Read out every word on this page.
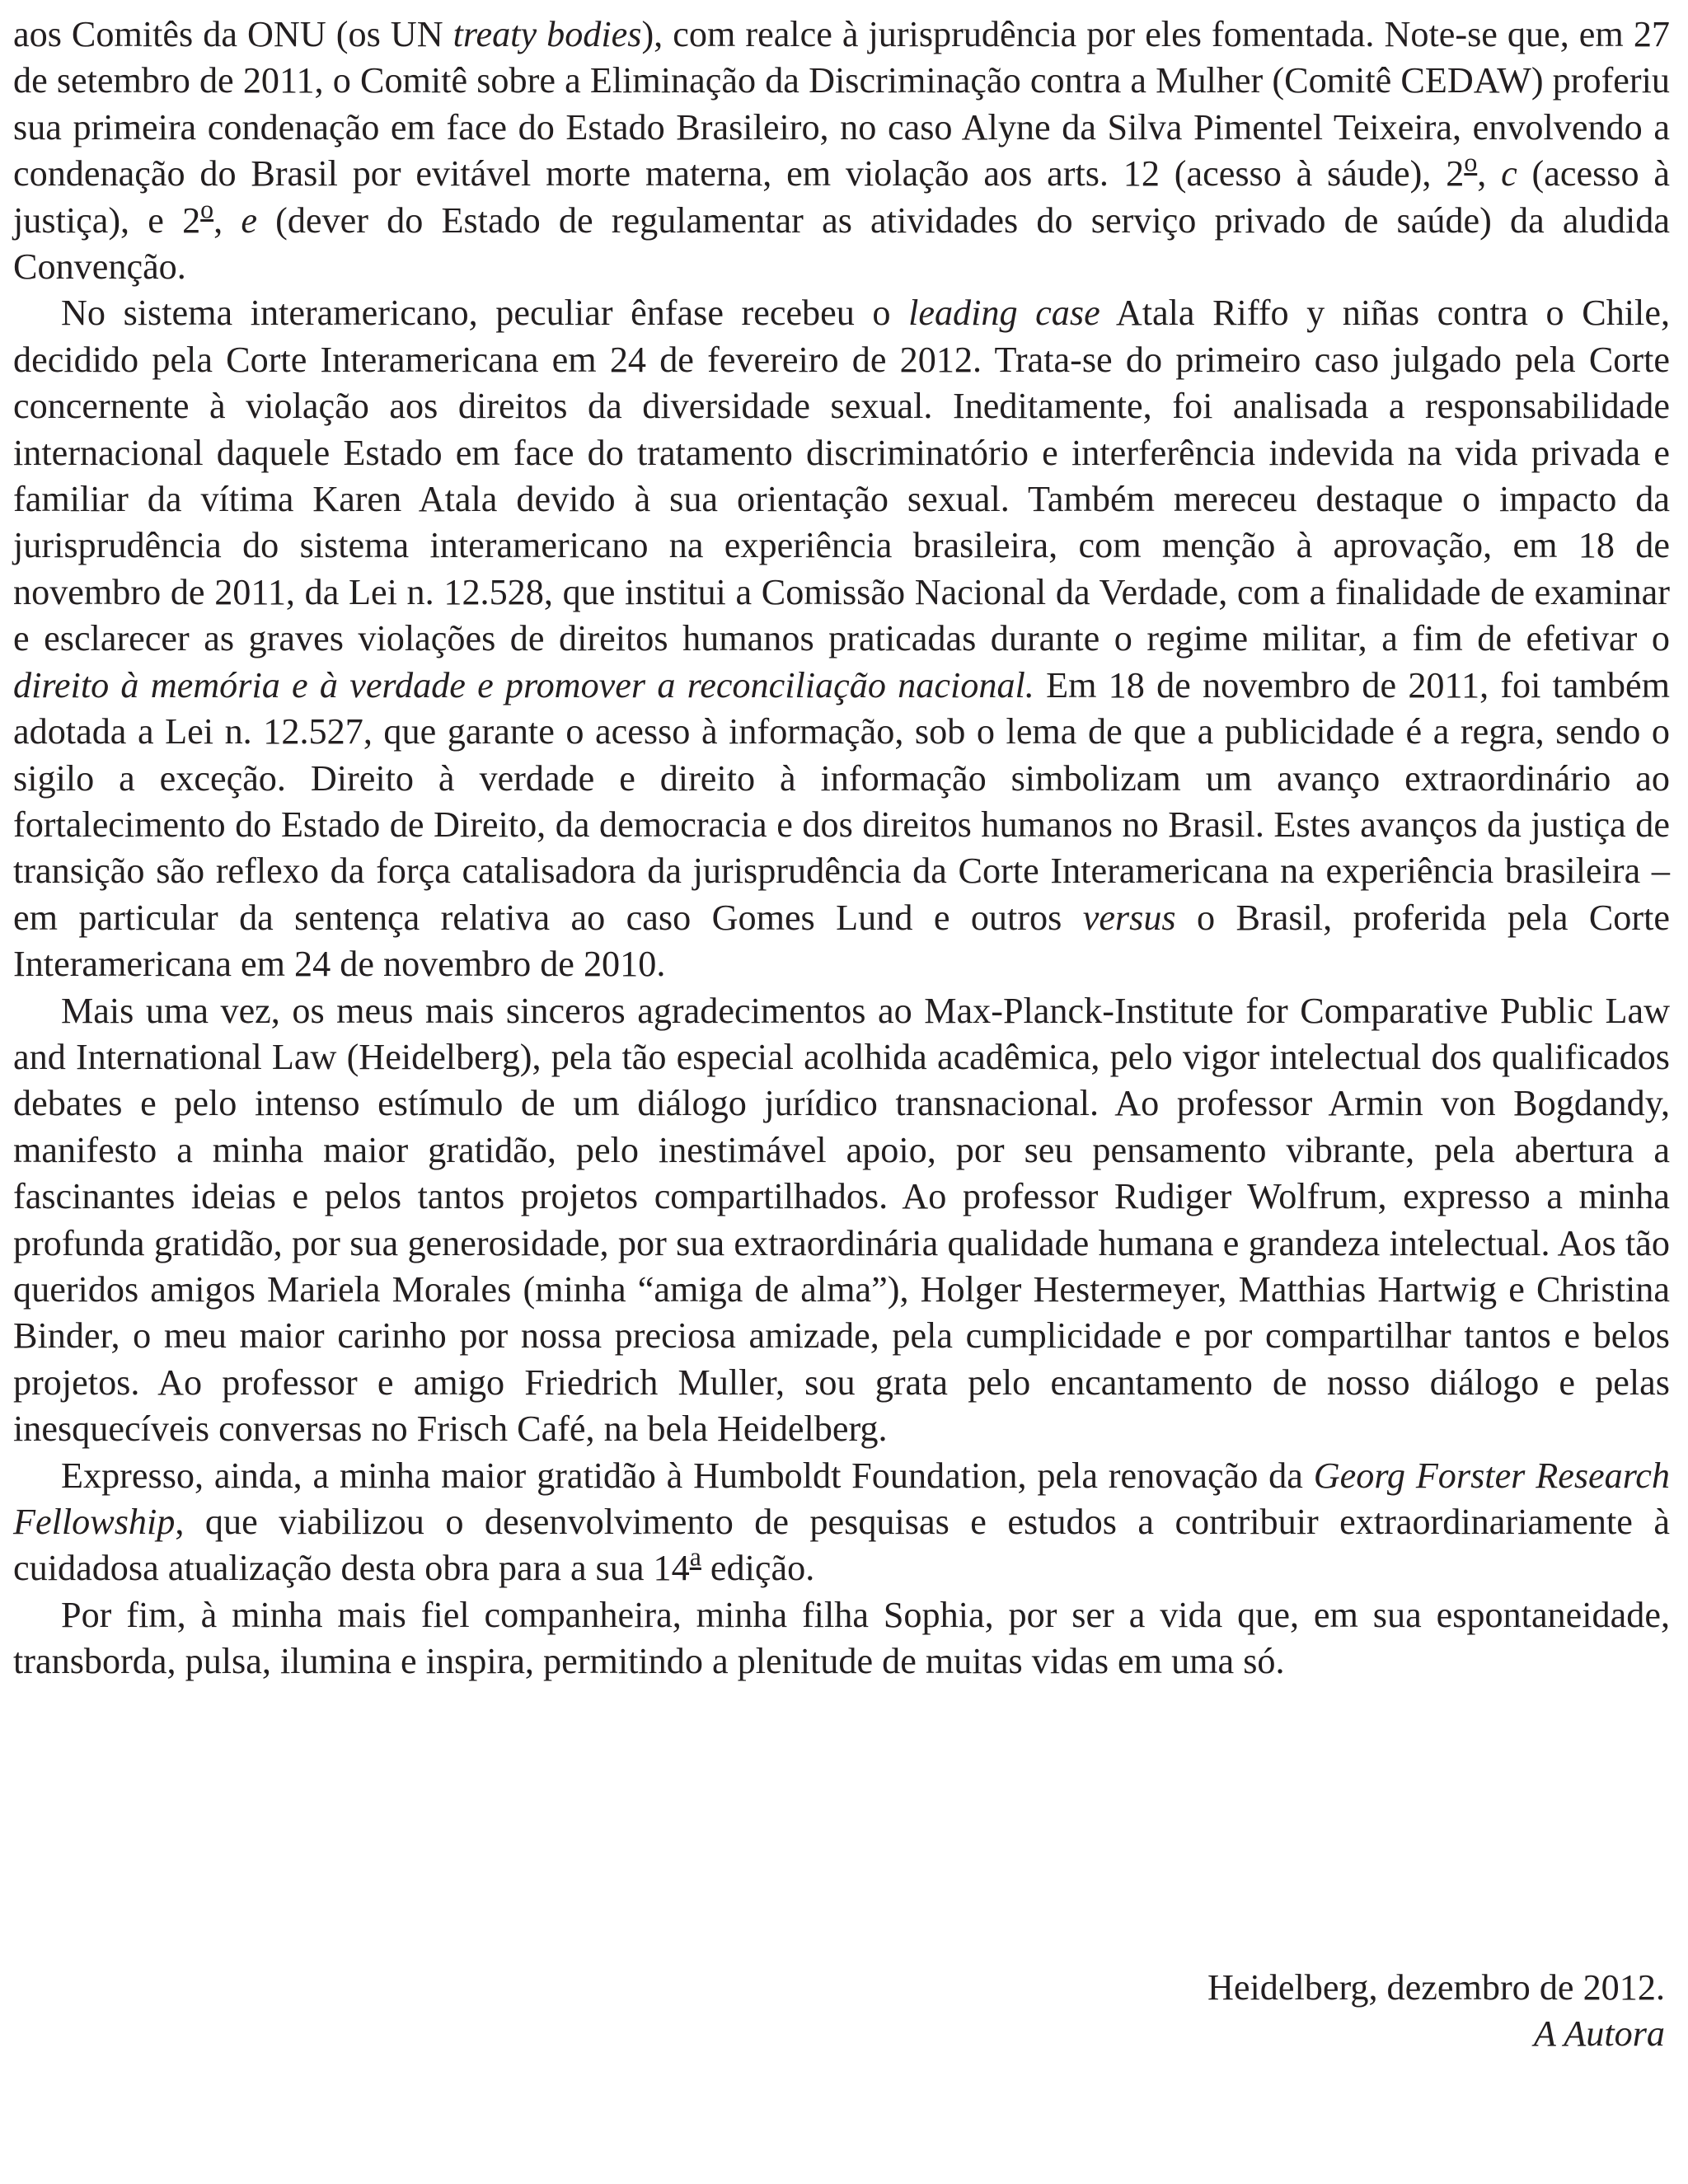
aos Comitês da ONU (os UN treaty bodies), com realce à jurisprudência por eles fomentada. Note-se que, em 27 de setembro de 2011, o Comitê sobre a Eliminação da Discriminação contra a Mulher (Comitê CEDAW) proferiu sua primeira condenação em face do Estado Brasileiro, no caso Alyne da Silva Pimentel Teixeira, envolvendo a condenação do Brasil por evitável morte materna, em violação aos arts. 12 (acesso à sáude), 2$^o$, c (acesso à justiça), e 2$^o$, e (dever do Estado de regulamentar as atividades do serviço privado de saúde) da aludida Convenção.

No sistema interamericano, peculiar ênfase recebeu o leading case Atala Riffo y niñas contra o Chile, decidido pela Corte Interamericana em 24 de fevereiro de 2012. Trata-se do primeiro caso julgado pela Corte concernente à violação aos direitos da diversidade sexual. Ineditamente, foi analisada a responsabilidade internacional daquele Estado em face do tratamento discriminatório e interferência indevida na vida privada e familiar da vítima Karen Atala devido à sua orientação sexual. Também mereceu destaque o impacto da jurisprudência do sistema interamericano na experiência brasileira, com menção à aprovação, em 18 de novembro de 2011, da Lei n. 12.528, que institui a Comissão Nacional da Verdade, com a finalidade de examinar e esclarecer as graves violações de direitos humanos praticadas durante o regime militar, a fim de efetivar o direito à memória e à verdade e promover a reconciliação nacional. Em 18 de novembro de 2011, foi também adotada a Lei n. 12.527, que garante o acesso à informação, sob o lema de que a publicidade é a regra, sendo o sigilo a exceção. Direito à verdade e direito à informação simbolizam um avanço extraordinário ao fortalecimento do Estado de Direito, da democracia e dos direitos humanos no Brasil. Estes avanços da justiça de transição são reflexo da força catalisadora da jurisprudência da Corte Interamericana na experiência brasileira – em particular da sentença relativa ao caso Gomes Lund e outros versus o Brasil, proferida pela Corte Interamericana em 24 de novembro de 2010.

Mais uma vez, os meus mais sinceros agradecimentos ao Max-Planck-Institute for Comparative Public Law and International Law (Heidelberg), pela tão especial acolhida acadêmica, pelo vigor intelectual dos qualificados debates e pelo intenso estímulo de um diálogo jurídico transnacional. Ao professor Armin von Bogdandy, manifesto a minha maior gratidão, pelo inestimável apoio, por seu pensamento vibrante, pela abertura a fascinantes ideias e pelos tantos projetos compartilhados. Ao professor Rudiger Wolfrum, expresso a minha profunda gratidão, por sua generosidade, por sua extraordinária qualidade humana e grandeza intelectual. Aos tão queridos amigos Mariela Morales (minha “amiga de alma”), Holger Hestermeyer, Matthias Hartwig e Christina Binder, o meu maior carinho por nossa preciosa amizade, pela cumplicidade e por compartilhar tantos e belos projetos. Ao professor e amigo Friedrich Muller, sou grata pelo encantamento de nosso diálogo e pelas inesquecíveis conversas no Frisch Café, na bela Heidelberg.

Expresso, ainda, a minha maior gratidão à Humboldt Foundation, pela renovação da Georg Forster Research Fellowship, que viabilizou o desenvolvimento de pesquisas e estudos a contribuir extraordinariamente à cuidadosa atualização desta obra para a sua 14$^a$ edição.

Por fim, à minha mais fiel companheira, minha filha Sophia, por ser a vida que, em sua espontaneidade, transborda, pulsa, ilumina e inspira, permitindo a plenitude de muitas vidas em uma só.

Heidelberg, dezembro de 2012.
A Autora
